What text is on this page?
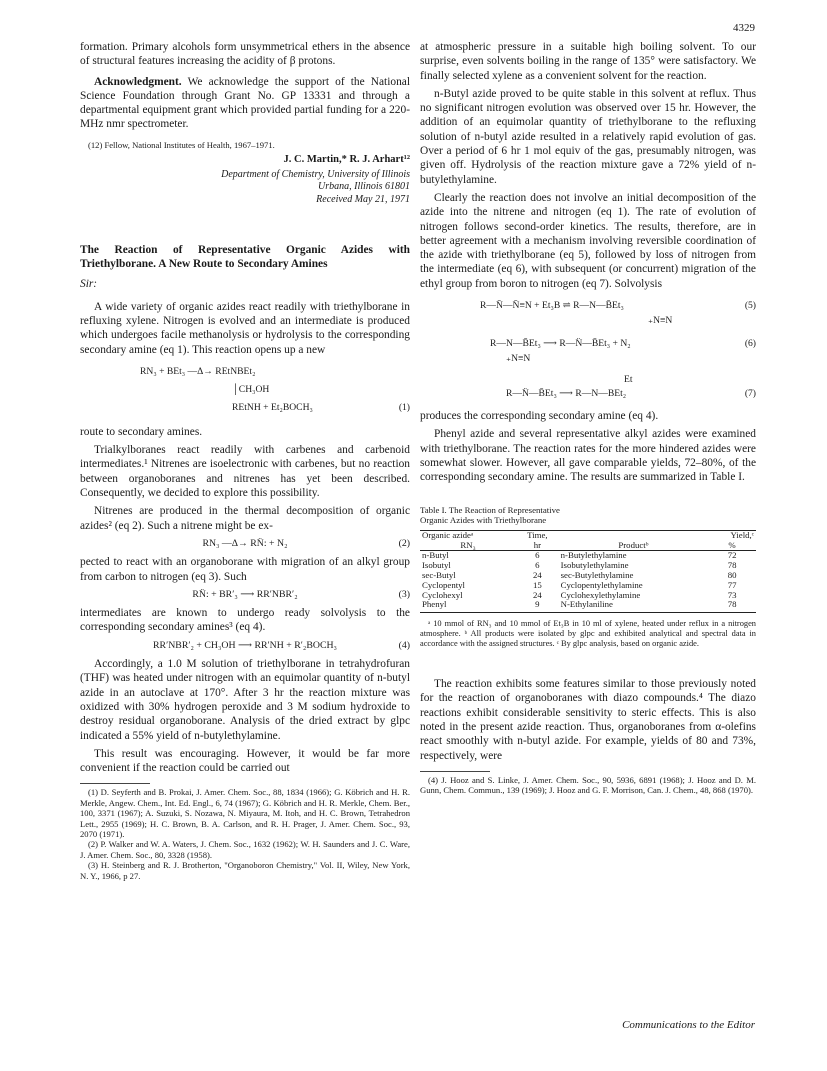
4329

formation. Primary alcohols form unsymmetrical ethers in the absence of structural features increasing the acidity of β protons.

Acknowledgment. We acknowledge the support of the National Science Foundation through Grant No. GP 13331 and through a departmental equipment grant which provided partial funding for a 220-MHz nmr spectrometer.

(12) Fellow, National Institutes of Health, 1967–1971.

J. C. Martin,* R. J. Arhart¹²
Department of Chemistry, University of Illinois
Urbana, Illinois 61801
Received May 21, 1971
The Reaction of Representative Organic Azides with Triethylborane. A New Route to Secondary Amines
Sir:

A wide variety of organic azides react readily with triethylborane in refluxing xylene. Nitrogen is evolved and an intermediate is produced which undergoes facile methanolysis or hydrolysis to the corresponding secondary amine (eq 1). This reaction opens up a new

RN₃ + BEt₃ —Δ→ REtNBEt₂
│CH₃OH
REtNH + Et₂BOCH₃	(1)

route to secondary amines.

Trialkylboranes react readily with carbenes and carbenoid intermediates.¹ Nitrenes are isoelectronic with carbenes, but no reaction between organoboranes and nitrenes has yet been described. Consequently, we decided to explore this possibility.

Nitrenes are produced in the thermal decomposition of organic azides² (eq 2). Such a nitrene might be ex-

RN₃ —Δ→ RN̈: + N₂	(2)

pected to react with an organoborane with migration of an alkyl group from carbon to nitrogen (eq 3). Such

RN̈: + BR′₃ ⟶ RR′NBR′₂	(3)

intermediates are known to undergo ready solvolysis to the corresponding secondary amines³ (eq 4).

RR′NBR′₂ + CH₃OH ⟶ RR′NH + R′₂BOCH₃	(4)

Accordingly, a 1.0 M solution of triethylborane in tetrahydrofuran (THF) was heated under nitrogen with an equimolar quantity of n-butyl azide in an autoclave at 170°. After 3 hr the reaction mixture was oxidized with 30% hydrogen peroxide and 3 M sodium hydroxide to destroy residual organoborane. Analysis of the dried extract by glpc indicated a 55% yield of n-butylethylamine.

This result was encouraging. However, it would be far more convenient if the reaction could be carried out

(1) D. Seyferth and B. Prokai, J. Amer. Chem. Soc., 88, 1834 (1966); G. Köbrich and H. R. Merkle, Angew. Chem., Int. Ed. Engl., 6, 74 (1967); G. Köbrich and H. R. Merkle, Chem. Ber., 100, 3371 (1967); A. Suzuki, S. Nozawa, N. Miyaura, M. Itoh, and H. C. Brown, Tetrahedron Lett., 2955 (1969); H. C. Brown, B. A. Carlson, and R. H. Prager, J. Amer. Chem. Soc., 93, 2070 (1971).

(2) P. Walker and W. A. Waters, J. Chem. Soc., 1632 (1962); W. H. Saunders and J. C. Ware, J. Amer. Chem. Soc., 80, 3328 (1958).

(3) H. Steinberg and R. J. Brotherton, "Organoboron Chemistry," Vol. II, Wiley, New York, N. Y., 1966, p 27.

at atmospheric pressure in a suitable high boiling solvent. To our surprise, even solvents boiling in the range of 135° were satisfactory. We finally selected xylene as a convenient solvent for the reaction.

n-Butyl azide proved to be quite stable in this solvent at reflux. Thus no significant nitrogen evolution was observed over 15 hr. However, the addition of an equimolar quantity of triethylborane to the refluxing solution of n-butyl azide resulted in a relatively rapid evolution of gas. Over a period of 6 hr 1 mol equiv of the gas, presumably nitrogen, was given off. Hydrolysis of the reaction mixture gave a 72% yield of n-butylethylamine.

Clearly the reaction does not involve an initial decomposition of the azide into the nitrene and nitrogen (eq 1). The rate of evolution of nitrogen follows second-order kinetics. The results, therefore, are in better agreement with a mechanism involving reversible coordination of the azide with triethylborane (eq 5), followed by loss of nitrogen from the intermediate (eq 6), with subsequent (or concurrent) migration of the ethyl group from boron to nitrogen (eq 7). Solvolysis

R—N̄—N̄≡N + Et₃B ⇌ R—N—B̄Et₃
₊N≡N
(5)
R—N—B̄Et₃ ⟶ R—N̈—B̄Et₃ + N₂
₊N≡N
(6)
Et
R—N̈—B̄Et₃ ⟶ R—N—BEt₂	(7)

produces the corresponding secondary amine (eq 4).

Phenyl azide and several representative alkyl azides were examined with triethylborane. The reaction rates for the more hindered azides were somewhat slower. However, all gave comparable yields, 72–80%, of the corresponding secondary amine. The results are summarized in Table I.

Table I. The Reaction of Representative
Organic Azides with Triethylborane
Organic azideᵃ	Time,		Yield,ᶜ
RN₃	hr	Productᵇ	%
n-Butyl	6	n-Butylethylamine	72
Isobutyl	6	Isobutylethylamine	78
sec-Butyl	24	sec-Butylethylamine	80
Cyclopentyl	15	Cyclopentylethylamine	77
Cyclohexyl	24	Cyclohexylethylamine	73
Phenyl	9	N-Ethylaniline	78

ᵃ 10 mmol of RN₃ and 10 mmol of Et₃B in 10 ml of xylene, heated under reflux in a nitrogen atmosphere. ᵇ All products were isolated by glpc and exhibited analytical and spectral data in accordance with the assigned structures. ᶜ By glpc analysis, based on organic azide.

The reaction exhibits some features similar to those previously noted for the reaction of organoboranes with diazo compounds.⁴ The diazo reactions exhibit considerable sensitivity to steric effects. This is also noted in the present azide reaction. Thus, organoboranes from α-olefins react smoothly with n-butyl azide. For example, yields of 80 and 73%, respectively, were

(4) J. Hooz and S. Linke, J. Amer. Chem. Soc., 90, 5936, 6891 (1968); J. Hooz and D. M. Gunn, Chem. Commun., 139 (1969); J. Hooz and G. F. Morrison, Can. J. Chem., 48, 868 (1970).

Communications to the Editor
